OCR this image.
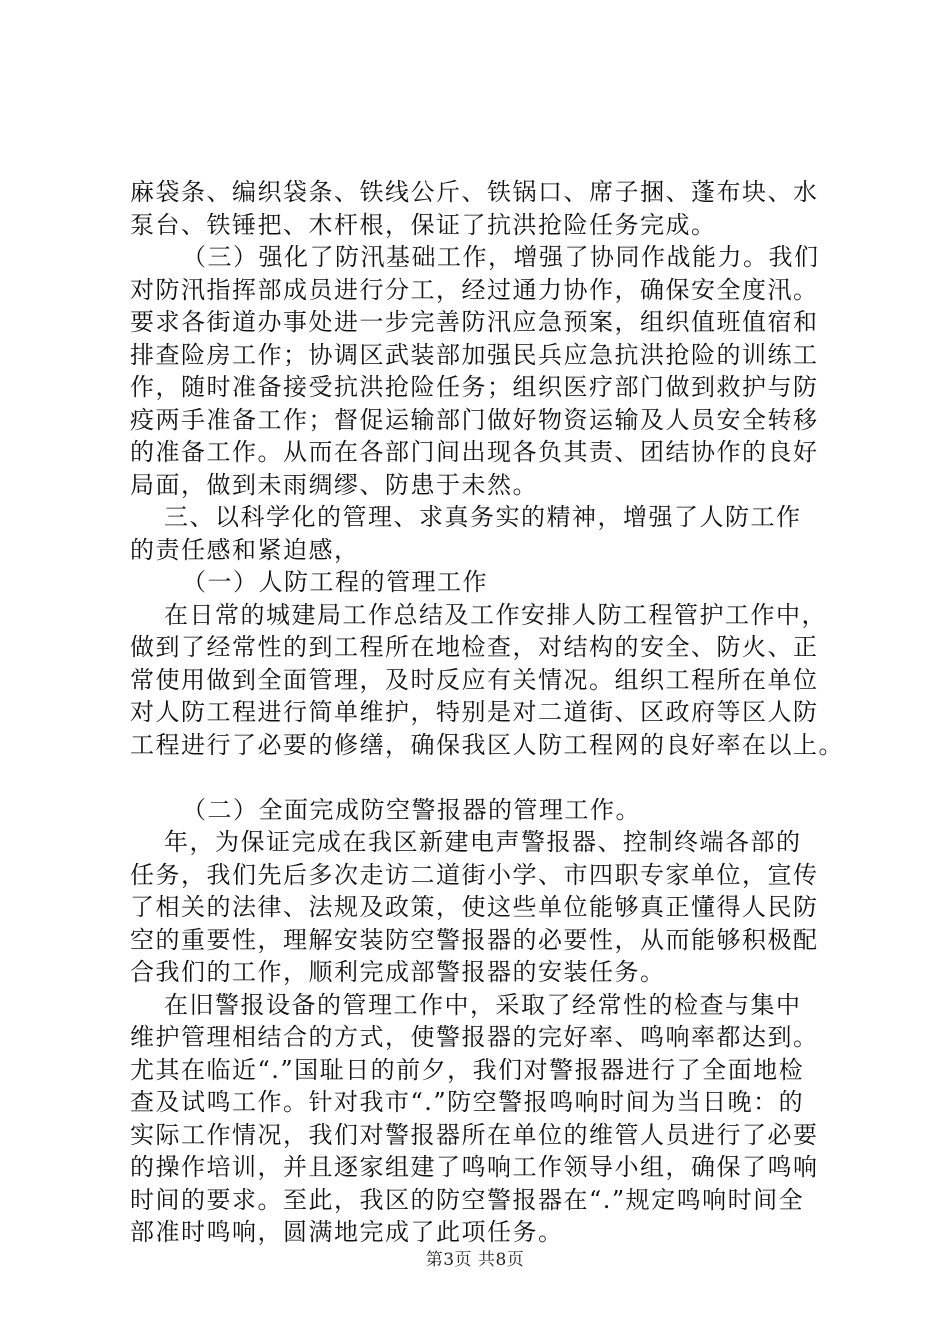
麻袋条、编织袋条、铁线公斤、铁锅口、席子捆、蓬布块、水
泵台、铁锤把、木杆根，保证了抗洪抢险任务完成。
（三）强化了防汛基础工作，增强了协同作战能力。我们
对防汛指挥部成员进行分工，经过通力协作，确保安全度汛。
要求各街道办事处进一步完善防汛应急预案，组织值班值宿和
排查险房工作；协调区武装部加强民兵应急抗洪抢险的训练工
作，随时准备接受抗洪抢险任务；组织医疗部门做到救护与防
疫两手准备工作；督促运输部门做好物资运输及人员安全转移
的准备工作。从而在各部门间出现各负其责、团结协作的良好
局面，做到未雨绸缪、防患于未然。
三、以科学化的管理、求真务实的精神，增强了人防工作
的责任感和紧迫感，
（一）人防工程的管理工作
在日常的城建局工作总结及工作安排人防工程管护工作中，
做到了经常性的到工程所在地检查，对结构的安全、防火、正
常使用做到全面管理，及时反应有关情况。组织工程所在单位
对人防工程进行简单维护，特别是对二道街、区政府等区人防
工程进行了必要的修缮，确保我区人防工程网的良好率在以上。
（二）全面完成防空警报器的管理工作。
年，为保证完成在我区新建电声警报器、控制终端各部的
任务，我们先后多次走访二道街小学、市四职专家单位，宣传
了相关的法律、法规及政策，使这些单位能够真正懂得人民防
空的重要性，理解安装防空警报器的必要性，从而能够积极配
合我们的工作，顺利完成部警报器的安装任务。
在旧警报设备的管理工作中，采取了经常性的检查与集中
维护管理相结合的方式，使警报器的完好率、鸣响率都达到。
尤其在临近“.”国耻日的前夕，我们对警报器进行了全面地检
查及试鸣工作。针对我市“.”防空警报鸣响时间为当日晚：的
实际工作情况，我们对警报器所在单位的维管人员进行了必要
的操作培训，并且逐家组建了鸣响工作领导小组，确保了鸣响
时间的要求。至此，我区的防空警报器在“.”规定鸣响时间全
部准时鸣响，圆满地完成了此项任务。
第3页 共8页
